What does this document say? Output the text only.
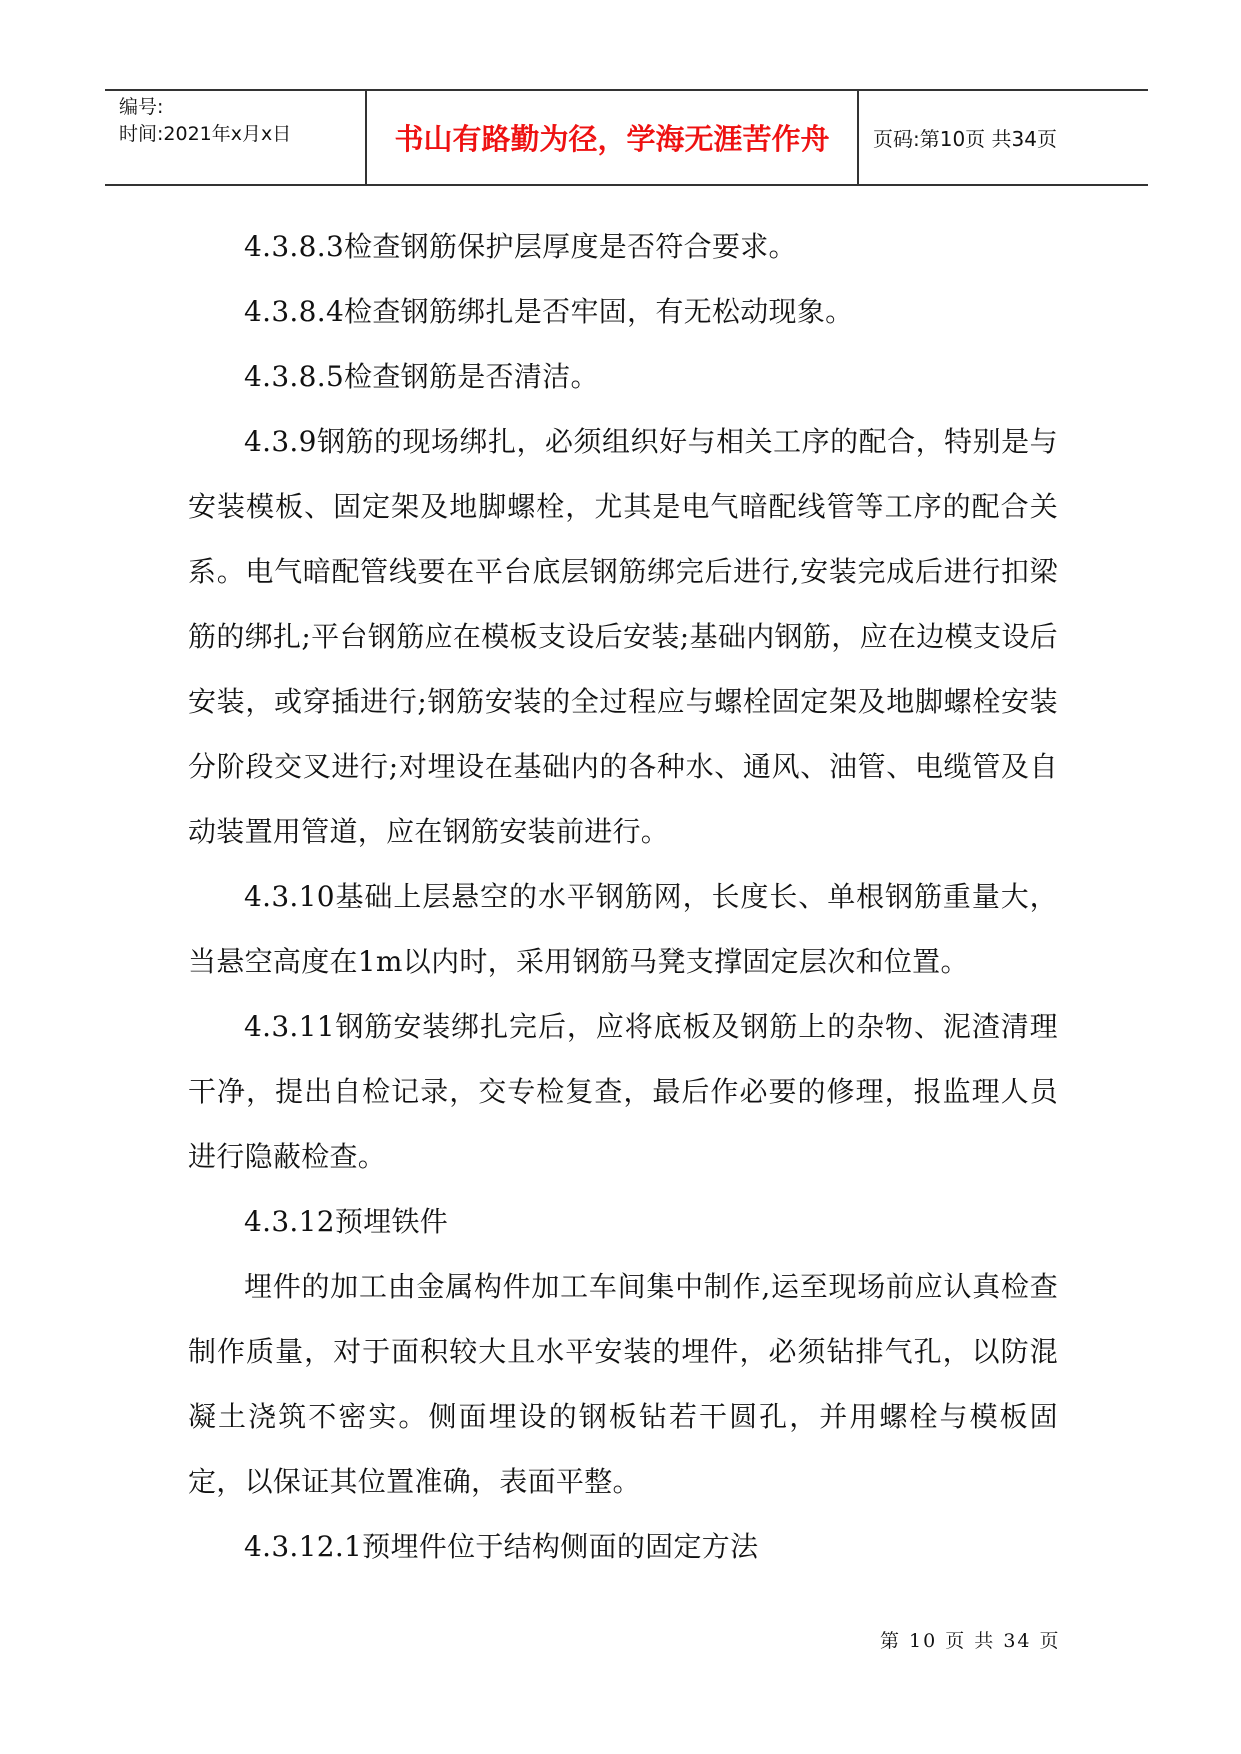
编号:
时间:2021年x月x日	书山有路勤为径，学海无涯苦作舟	页码:第10页 共34页

4.3.8.3检查钢筋保护层厚度是否符合要求。

4.3.8.4检查钢筋绑扎是否牢固，有无松动现象。

4.3.8.5检查钢筋是否清洁。

4.3.9钢筋的现场绑扎，必须组织好与相关工序的配合，特别是与安装模板、固定架及地脚螺栓，尤其是电气暗配线管等工序的配合关系。电气暗配管线要在平台底层钢筋绑完后进行,安装完成后进行扣梁筋的绑扎;平台钢筋应在模板支设后安装;基础内钢筋，应在边模支设后安装，或穿插进行;钢筋安装的全过程应与螺栓固定架及地脚螺栓安装分阶段交叉进行;对埋设在基础内的各种水、通风、油管、电缆管及自动装置用管道，应在钢筋安装前进行。

4.3.10基础上层悬空的水平钢筋网，长度长、单根钢筋重量大，当悬空高度在1m以内时，采用钢筋马凳支撑固定层次和位置。

4.3.11钢筋安装绑扎完后，应将底板及钢筋上的杂物、泥渣清理干净，提出自检记录，交专检复查，最后作必要的修理，报监理人员进行隐蔽检查。

4.3.12预埋铁件

埋件的加工由金属构件加工车间集中制作,运至现场前应认真检查制作质量，对于面积较大且水平安装的埋件，必须钻排气孔，以防混凝土浇筑不密实。侧面埋设的钢板钻若干圆孔，并用螺栓与模板固定，以保证其位置准确，表面平整。

4.3.12.1预埋件位于结构侧面的固定方法

第 10 页 共 34 页
